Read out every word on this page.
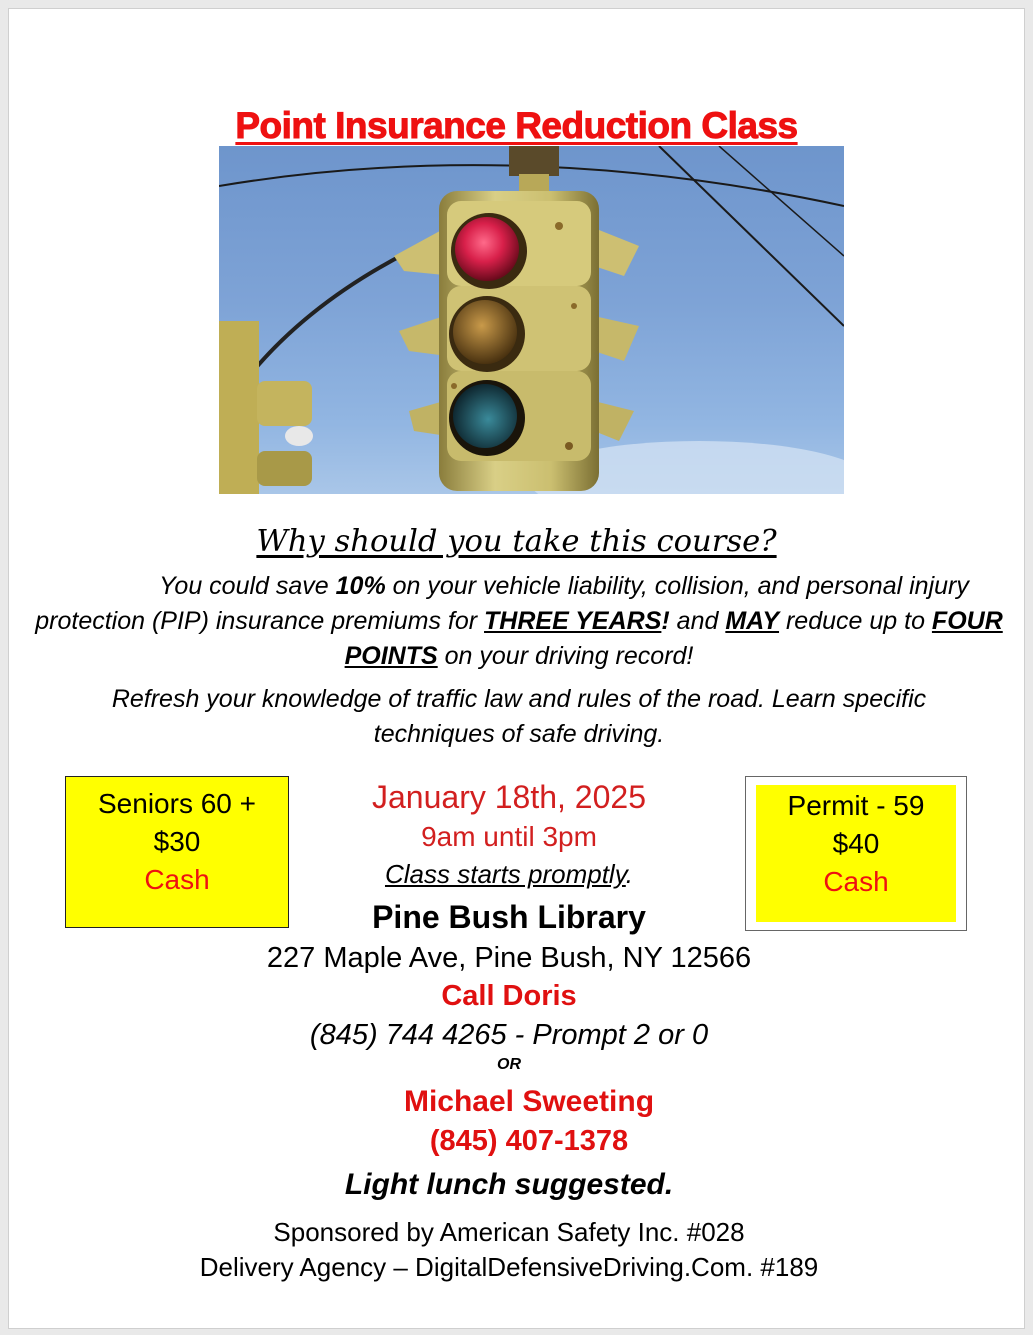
Point Insurance Reduction Class
Why should you take this course?
You could save 10% on your vehicle liability, collision, and personal injury protection (PIP) insurance premiums for THREE YEARS! and MAY reduce up to FOUR POINTS on your driving record!
Refresh your knowledge of traffic law and rules of the road. Learn specific techniques of safe driving.
Seniors 60 +
$30
Cash
Permit - 59
$40
Cash
January 18th, 2025
9am until 3pm
Class starts promptly.
Pine Bush Library
227 Maple Ave, Pine Bush, NY 12566
Call Doris
(845) 744 4265 - Prompt 2 or 0
OR
Michael Sweeting
(845) 407-1378
Light lunch suggested.
Sponsored by American Safety Inc. #028
Delivery Agency – DigitalDefensiveDriving.Com. #189
